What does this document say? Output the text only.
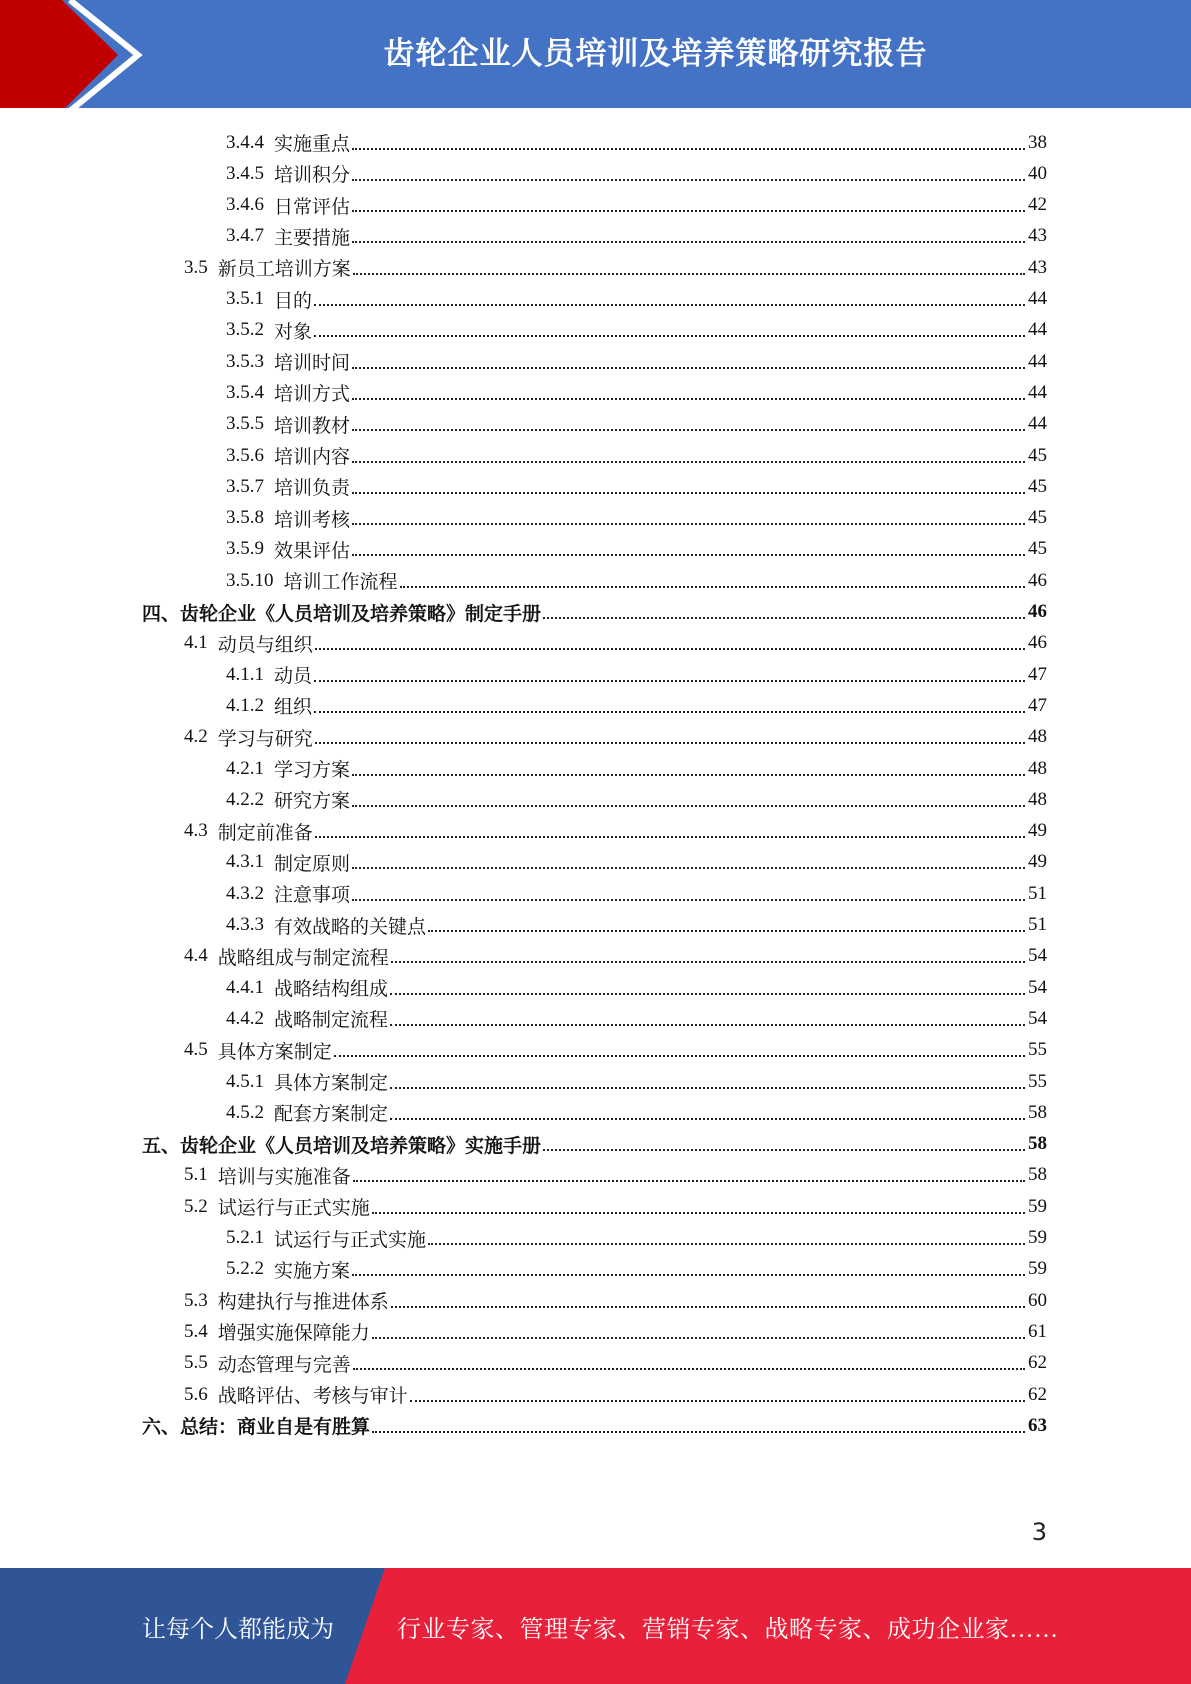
齿轮企业人员培训及培养策略研究报告
3.4.4 实施重点	38
3.4.5 培训积分	40
3.4.6 日常评估	42
3.4.7 主要措施	43
3.5 新员工培训方案	43
3.5.1 目的	44
3.5.2 对象	44
3.5.3 培训时间	44
3.5.4 培训方式	44
3.5.5 培训教材	44
3.5.6 培训内容	45
3.5.7 培训负责	45
3.5.8 培训考核	45
3.5.9 效果评估	45
3.5.10 培训工作流程	46
四、齿轮企业《人员培训及培养策略》制定手册	46
4.1 动员与组织	46
4.1.1 动员	47
4.1.2 组织	47
4.2 学习与研究	48
4.2.1 学习方案	48
4.2.2 研究方案	48
4.3 制定前准备	49
4.3.1 制定原则	49
4.3.2 注意事项	51
4.3.3 有效战略的关键点	51
4.4 战略组成与制定流程	54
4.4.1 战略结构组成	54
4.4.2 战略制定流程	54
4.5 具体方案制定	55
4.5.1 具体方案制定	55
4.5.2 配套方案制定	58
五、齿轮企业《人员培训及培养策略》实施手册	58
5.1 培训与实施准备	58
5.2 试运行与正式实施	59
5.2.1 试运行与正式实施	59
5.2.2 实施方案	59
5.3 构建执行与推进体系	60
5.4 增强实施保障能力	61
5.5 动态管理与完善	62
5.6 战略评估、考核与审计	62
六、总结：商业自是有胜算	63
3
让每个人都能成为	行业专家、管理专家、营销专家、战略专家、成功企业家……
